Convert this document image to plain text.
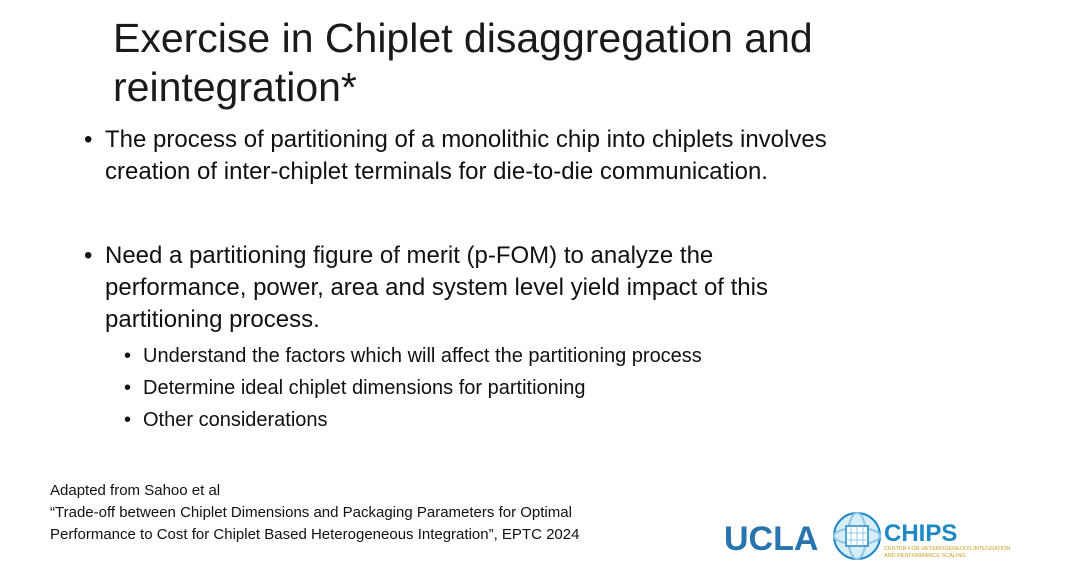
Exercise in Chiplet disaggregation and
reintegration*
• The process of partitioning of a monolithic chip into chiplets involves
creation of inter-chiplet terminals for die-to-die communication.
• Need a partitioning figure of merit (p-FOM) to analyze the
performance, power, area and system level yield impact of this
partitioning process.
• Understand the factors which will affect the partitioning process
• Determine ideal chiplet dimensions for partitioning
• Other considerations
Adapted from Sahoo et al
“Trade-off between Chiplet Dimensions and Packaging Parameters for Optimal
Performance to Cost for Chiplet Based Heterogeneous Integration”, EPTC 2024	UCLA	CHIPS
CENTER FOR HETEROGENEOUS INTEGRATION
AND PERFORMANCE SCALING
